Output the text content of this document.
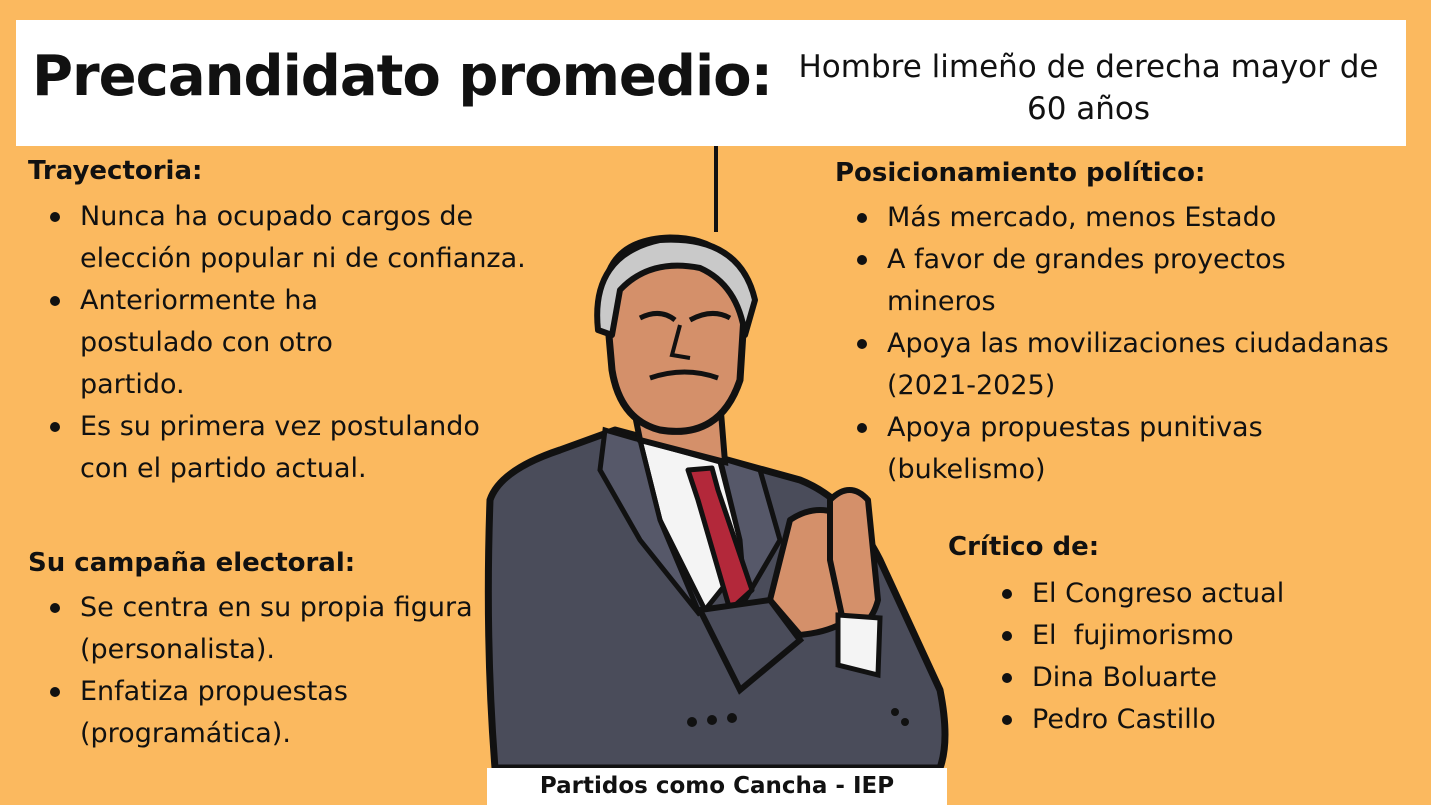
Precandidato promedio: Hombre limeño de derecha mayor de 60 años
Trayectoria:
Nunca ha ocupado cargos de elección popular ni de confianza.
Anteriormente ha postulado con otro partido.
Es su primera vez postulando con el partido actual.
Su campaña electoral:
Se centra en su propia figura (personalista).
Enfatiza propuestas (programática).
Posicionamiento político:
Más mercado, menos Estado
A favor de grandes proyectos mineros
Apoya las movilizaciones ciudadanas (2021-2025)
Apoya propuestas punitivas (bukelismo)
Crítico de:
El Congreso actual
El  fujimorismo
Dina Boluarte
Pedro Castillo
Partidos como Cancha - IEP
